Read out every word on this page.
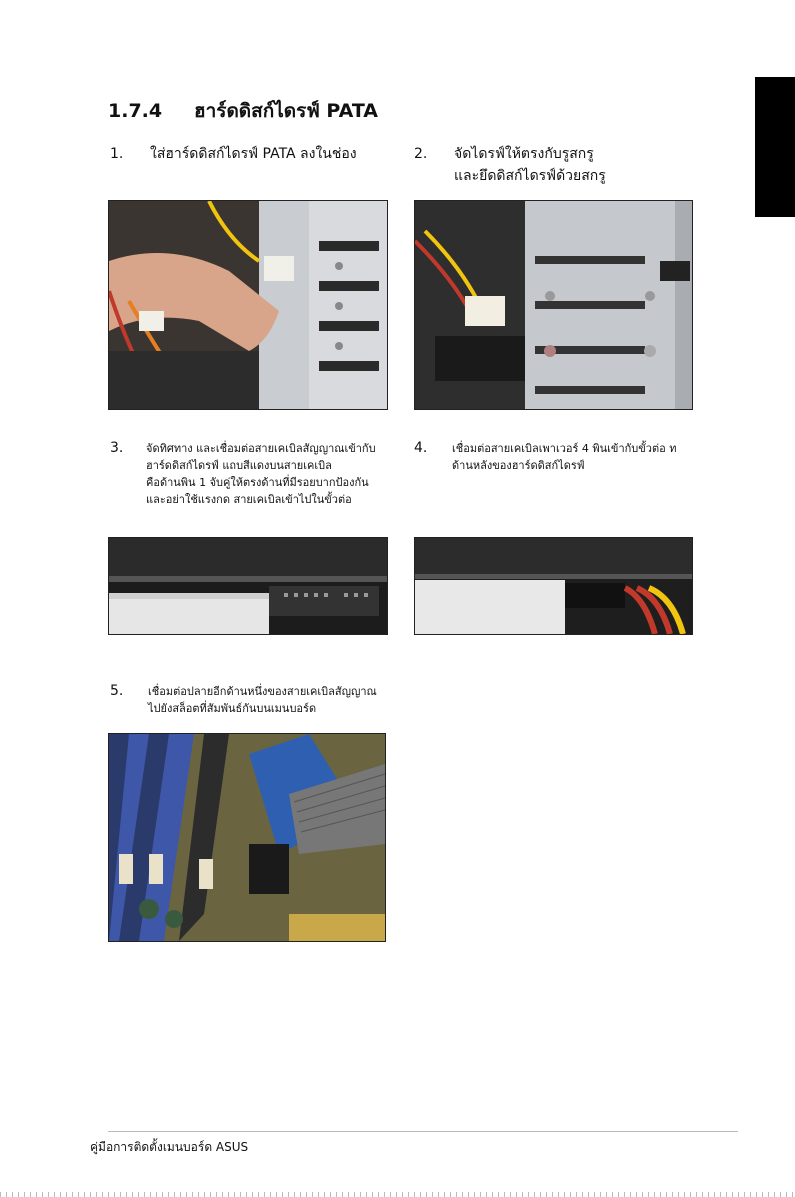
1.7.4 ฮาร์ดดิสก์ไดรฟ์ PATA
1. ใส่ฮาร์ดดิสก์ไดรฟ์ PATA ลงในช่อง	2. จัดไดรฟ์ให้ตรงกับรูสกรู
และยึดดิสก์ไดรฟ์ด้วยสกรู
3. จัดทิศทาง และเชื่อมต่อสายเคเบิลสัญญาณเข้ากับ
ฮาร์ดดิสก์ไดรฟ์ แถบสีแดงบนสายเคเบิล
คือด้านพิน 1 จับคู่ให้ตรงด้านที่มีรอยบากป้องกัน
และอย่าใช้แรงกด สายเคเบิลเข้าไปในขั้วต่อ
4. เชื่อมต่อสายเคเบิลเพาเวอร์ 4 พินเข้ากับขั้วต่อ ท
ด้านหลังของฮาร์ดดิสก์ไดรฟ์
5. เชื่อมต่อปลายอีกด้านหนึ่งของสายเคเบิลสัญญาณ
ไปยังสล็อตที่สัมพันธ์กันบนเมนบอร์ด
คู่มือการติดตั้งเมนบอร์ด ASUS
